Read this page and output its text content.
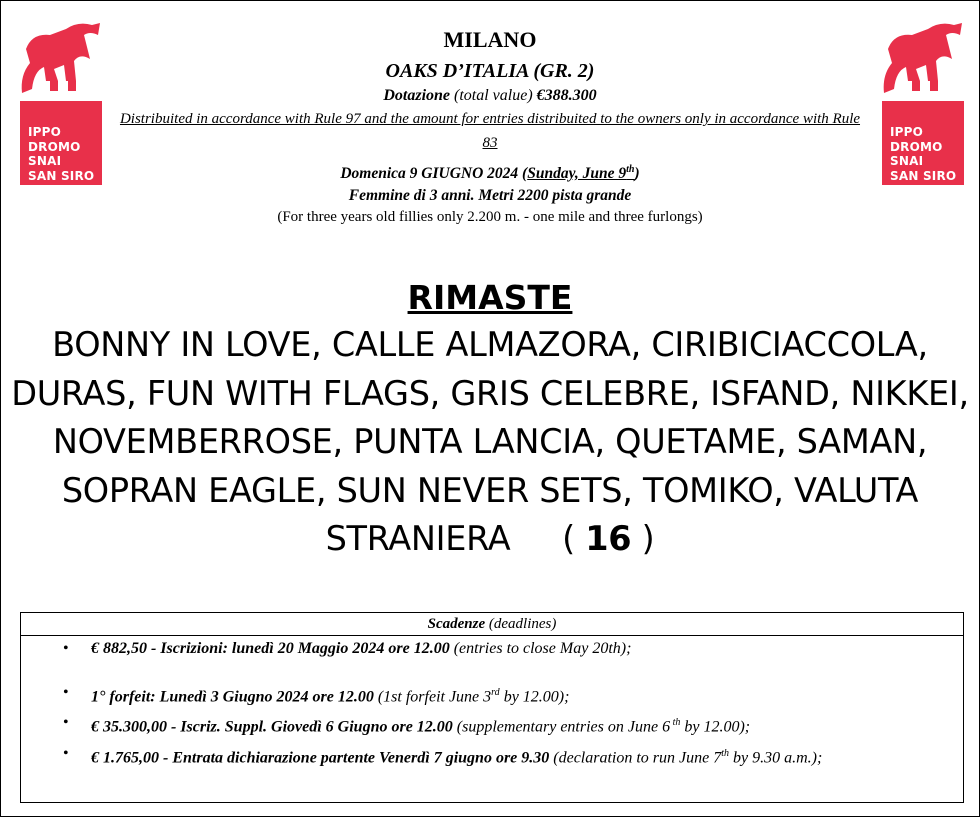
IPPO
DROMO
SNAI
SAN SIRO
IPPO
DROMO
SNAI
SAN SIRO
MILANO
OAKS D’ITALIA (GR. 2)
Dotazione (total value) €388.300
Distribuited in accordance with Rule 97 and the amount for entries distribuited to the owners only in accordance with Rule 83
Domenica 9 GIUGNO 2024 (Sunday, June 9th)
Femmine di 3 anni. Metri 2200 pista grande
(For three years old fillies only 2.200 m. - one mile and three furlongs)
RIMASTE
BONNY IN LOVE, CALLE ALMAZORA, CIRIBICIACCOLA, DURAS, FUN WITH FLAGS, GRIS CELEBRE, ISFAND, NIKKEI, NOVEMBERROSE, PUNTA LANCIA, QUETAME, SAMAN, SOPRAN EAGLE, SUN NEVER SETS, TOMIKO, VALUTA STRANIERA ( 16 )
Scadenze (deadlines)
• € 882,50 - Iscrizioni: lunedì 20 Maggio 2024 ore 12.00 (entries to close May 20th);
• 1° forfeit: Lunedì 3 Giugno 2024 ore 12.00 (1st forfeit June 3rd by 12.00);
• € 35.300,00 - Iscriz. Suppl. Giovedì 6 Giugno ore 12.00 (supplementary entries on June 6 $^{th}$ by 12.00);
• € 1.765,00 - Entrata dichiarazione partente Venerdì 7 giugno ore 9.30 (declaration to run June 7th by 9.30 a.m.);
